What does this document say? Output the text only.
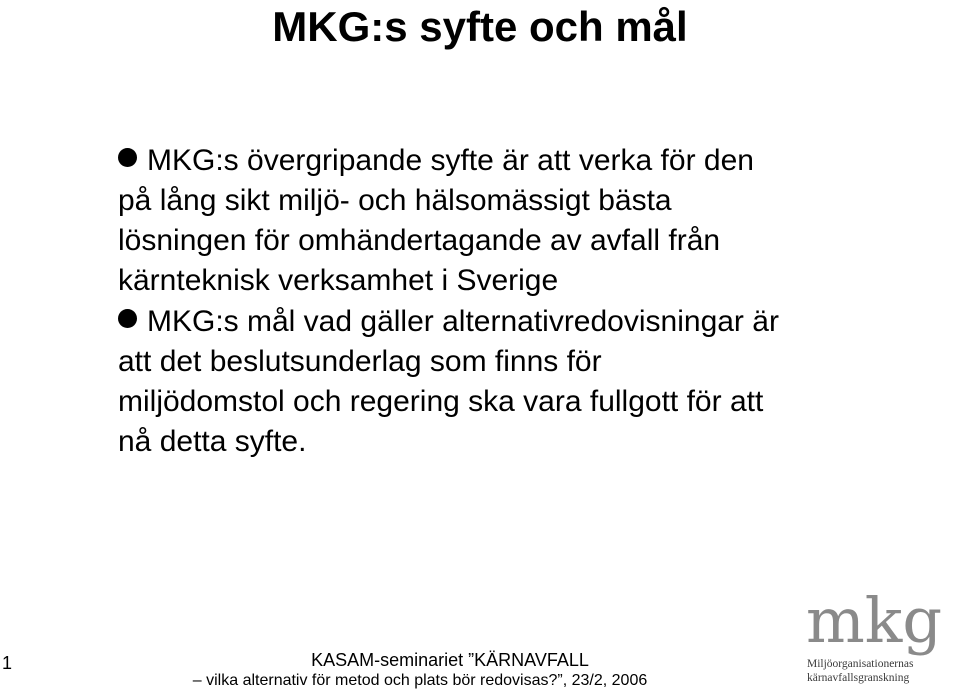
MKG:s syfte och mål
MKG:s övergripande syfte är att verka för den
på lång sikt miljö- och hälsomässigt bästa
lösningen för omhändertagande av avfall från
kärnteknisk verksamhet i Sverige
MKG:s mål vad gäller alternativredovisningar är
att det beslutsunderlag som finns för
miljödomstol och regering ska vara fullgott för att
nå detta syfte.
1	KASAM-seminariet ”KÄRNAVFALL
– vilka alternativ för metod och plats bör redovisas?”, 23/2, 2006
mkg
Miljöorganisationernas
kärnavfallsgranskning
